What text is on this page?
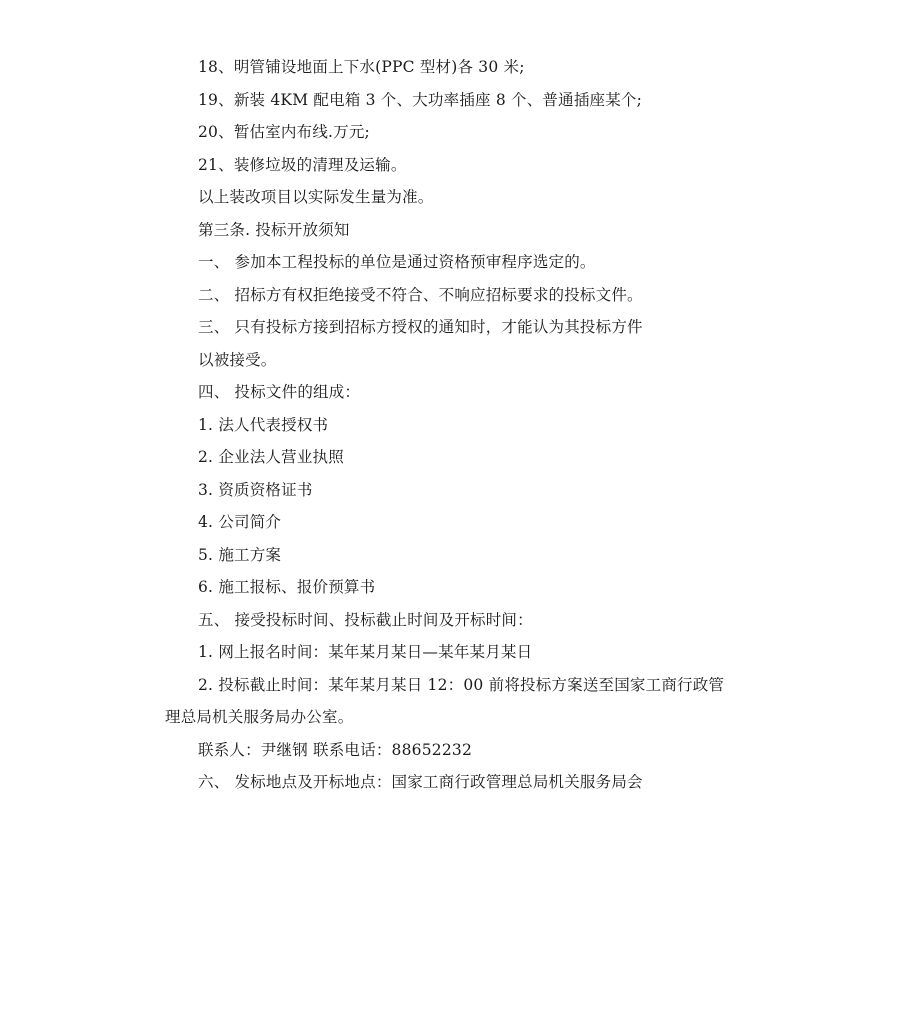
18、明管铺设地面上下水(PPC 型材)各 30 米;
19、新装 4KM 配电箱 3 个、大功率插座 8 个、普通插座某个;
20、暂估室内布线.万元;
21、装修垃圾的清理及运输。
以上装改项目以实际发生量为准。
第三条. 投标开放须知
一、 参加本工程投标的单位是通过资格预审程序选定的。
二、 招标方有权拒绝接受不符合、不响应招标要求的投标文件。
三、 只有投标方接到招标方授权的通知时，才能认为其投标方件
以被接受。
四、 投标文件的组成：
1. 法人代表授权书
2. 企业法人营业执照
3. 资质资格证书
4. 公司简介
5. 施工方案
6. 施工报标、报价预算书
五、 接受投标时间、投标截止时间及开标时间：
1. 网上报名时间：某年某月某日—某年某月某日
2. 投标截止时间：某年某月某日 12：00 前将投标方案送至国家工商行政管
理总局机关服务局办公室。
联系人：尹继钢 联系电话：88652232
六、 发标地点及开标地点：国家工商行政管理总局机关服务局会
